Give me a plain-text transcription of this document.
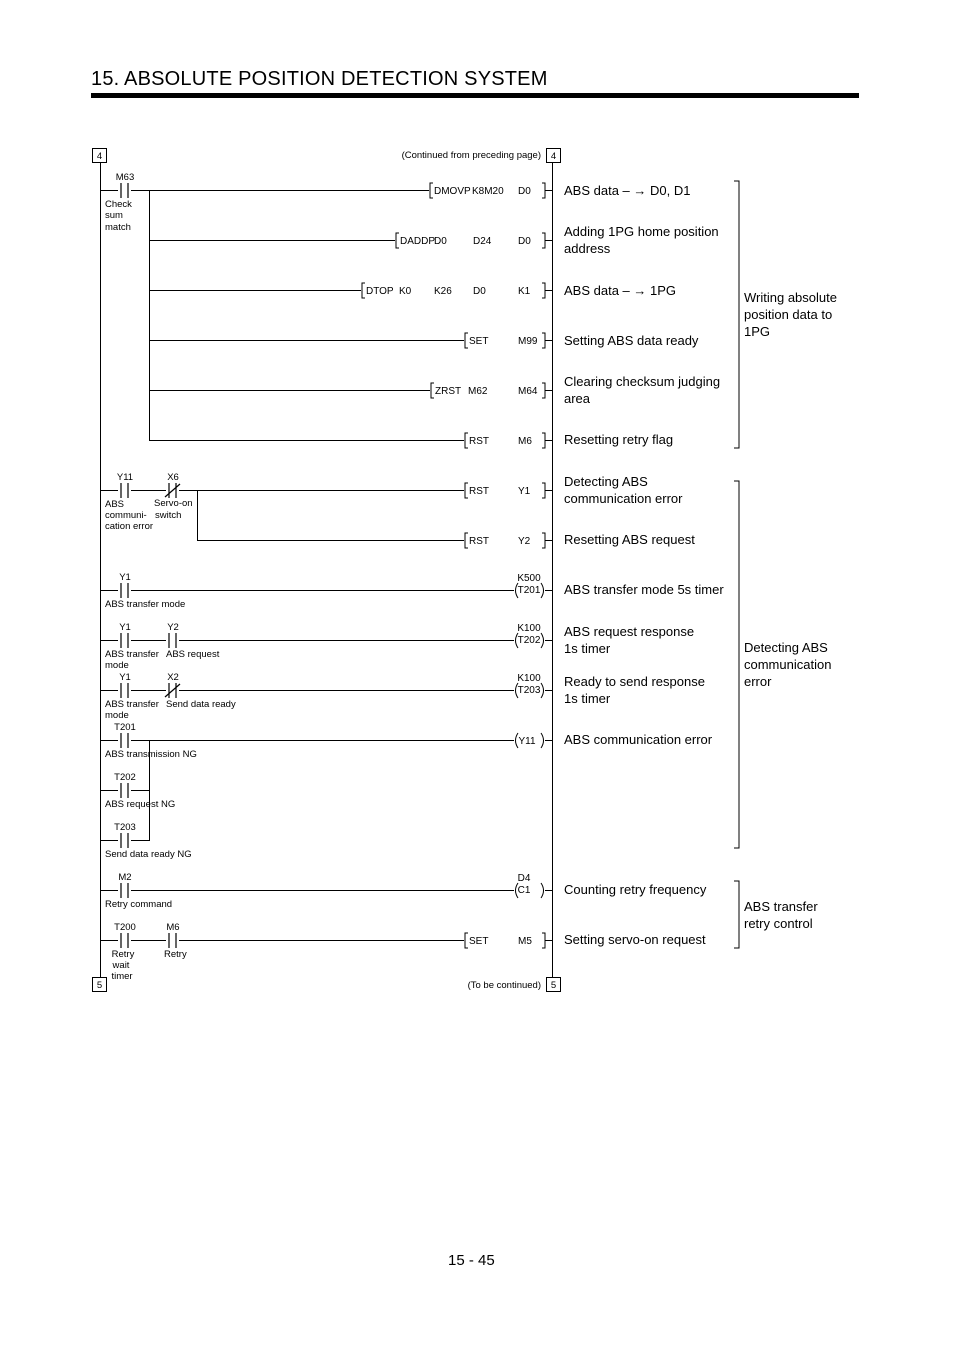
15. ABSOLUTE POSITION DETECTION SYSTEM
4	4
(Continued from preceding page)
5	5
(To be continued)
M63
Check
sum
match
Y11
ABS
communi-
cation error
X6
Servo-on
switch
Y1
ABS transfer mode
Y1
ABS transfer
mode
Y2
ABS request
Y1
ABS transfer
mode
X2
Send data ready
T201
ABS transmission NG
T202
ABS request NG
T203
Send data ready NG
M2
Retry command
T200
Retry
wait
timer
M6
Retry
DMOVP K8M20 D0
DADDP
D0	D24	D0
DTOP K0 K26 D0	K1
SET	M99
ZRST M62	M64
RST	M6
RST	Y1
RST	Y2
K500
T201
K100
T202
K100
T203
Y11
D4
C1
SET	M5
ABS data – → D0, D1
Adding 1PG home position
address
ABS data – → 1PG
Setting ABS data ready
Clearing checksum judging
area
Resetting retry flag
Detecting ABS
communication error
Resetting ABS request
ABS transfer mode 5s timer
ABS request response
1s timer
Ready to send response
1s timer
ABS communication error
Counting retry frequency
Setting servo-on request
Writing absolute
position data to
1PG
Detecting ABS
communication
error
ABS transfer
retry control
15 - 45
